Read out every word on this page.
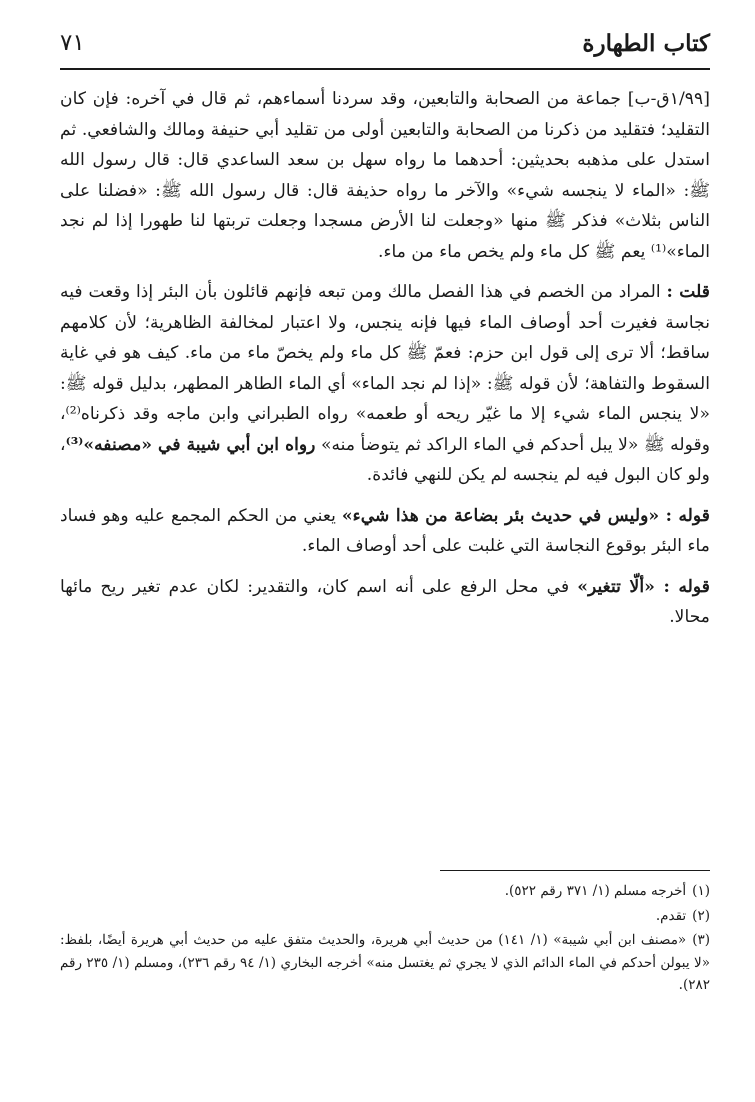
كتاب الطهارة
٧١

[١/٩٩ق-ب] جماعة من الصحابة والتابعين، وقد سردنا أسماءهم، ثم قال في آخره: فإن كان التقليد؛ فتقليد من ذكرنا من الصحابة والتابعين أولى من تقليد أبي حنيفة ومالك والشافعي. ثم استدل على مذهبه بحديثين: أحدهما ما رواه سهل بن سعد الساعدي قال: قال رسول الله ﷺ: «الماء لا ينجسه شيء» والآخر ما رواه حذيفة قال: قال رسول الله ﷺ: «فضلنا على الناس بثلاث» فذكر ﷺ منها «وجعلت لنا الأرض مسجدا وجعلت تربتها لنا طهورا إذا لم نجد الماء»⁽¹⁾ يعم ﷺ كل ماء ولم يخص ماء من ماء.

قلت : المراد من الخصم في هذا الفصل مالك ومن تبعه فإنهم قائلون بأن البئر إذا وقعت فيه نجاسة فغيرت أحد أوصاف الماء فيها فإنه ينجس، ولا اعتبار لمخالفة الظاهرية؛ لأن كلامهم ساقط؛ ألا ترى إلى قول ابن حزم: فعمّ ﷺ كل ماء ولم يخصّ ماء من ماء. كيف هو في غاية السقوط والتفاهة؛ لأن قوله ﷺ: «إذا لم نجد الماء» أي الماء الطاهر المطهر، بدليل قوله ﷺ: «لا ينجس الماء شيء إلا ما غيّر ريحه أو طعمه» رواه الطبراني وابن ماجه وقد ذكرناه⁽²⁾، وقوله ﷺ «لا يبل أحدكم في الماء الراكد ثم يتوضأ منه» رواه ابن أبي شيبة في «مصنفه»⁽³⁾، ولو كان البول فيه لم ينجسه لم يكن للنهي فائدة.

قوله : «وليس في حديث بئر بضاعة من هذا شيء» يعني من الحكم المجمع عليه وهو فساد ماء البئر بوقوع النجاسة التي غلبت على أحد أوصاف الماء.

قوله : «ألّا تتغير» في محل الرفع على أنه اسم كان، والتقدير: لكان عدم تغير ريح مائها محالا.

(١)أخرجه مسلم (١/ ٣٧١ رقم ٥٢٢).

(٢)تقدم.

(٣)«مصنف ابن أبي شيبة» (١/ ١٤١) من حديث أبي هريرة، والحديث متفق عليه من حديث أبي هريرة أيضًا، بلفظ: «لا يبولن أحدكم في الماء الدائم الذي لا يجري ثم يغتسل منه» أخرجه البخاري (١/ ٩٤ رقم ٢٣٦)، ومسلم (١/ ٢٣٥ رقم ٢٨٢).
